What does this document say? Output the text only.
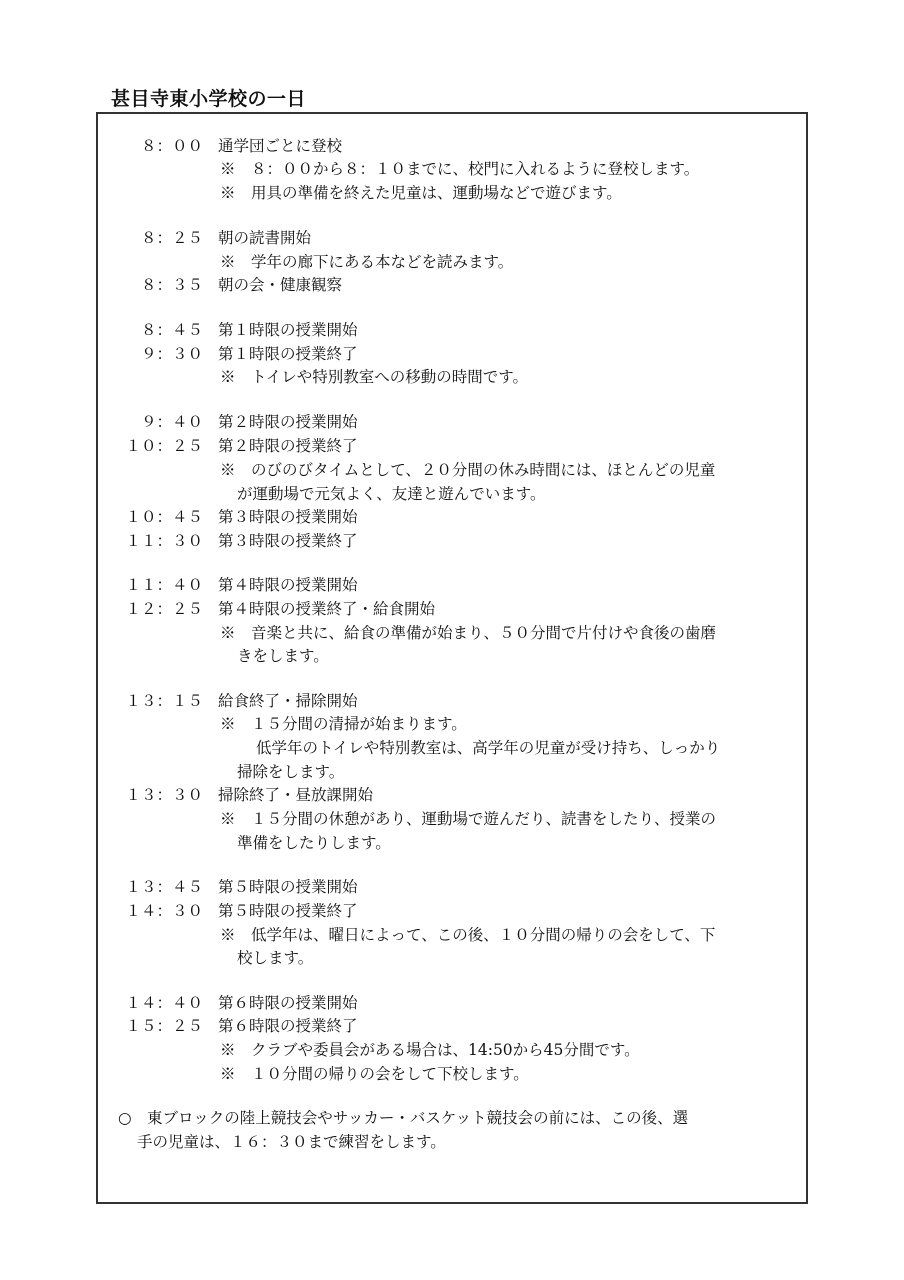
甚目寺東小学校の一日
８：００ 通学団ごとに登校
※　８：００から８：１０までに、校門に入れるように登校します。
※　用具の準備を終えた児童は、運動場などで遊びます。
８：２５ 朝の読書開始
※　学年の廊下にある本などを読みます。
８：３５ 朝の会・健康観察
８：４５ 第１時限の授業開始
９：３０ 第１時限の授業終了
※　トイレや特別教室への移動の時間です。
９：４０ 第２時限の授業開始
１０：２５ 第２時限の授業終了
※　のびのびタイムとして、２０分間の休み時間には、ほとんどの児童
が運動場で元気よく、友達と遊んでいます。
１０：４５ 第３時限の授業開始
１１：３０ 第３時限の授業終了
１１：４０ 第４時限の授業開始
１２：２５ 第４時限の授業終了・給食開始
※　音楽と共に、給食の準備が始まり、５０分間で片付けや食後の歯磨
きをします。
１３：１５ 給食終了・掃除開始
※　１５分間の清掃が始まります。
低学年のトイレや特別教室は、高学年の児童が受け持ち、しっかり
掃除をします。
１３：３０ 掃除終了・昼放課開始
※　１５分間の休憩があり、運動場で遊んだり、読書をしたり、授業の
準備をしたりします。
１３：４５ 第５時限の授業開始
１４：３０ 第５時限の授業終了
※　低学年は、曜日によって、この後、１０分間の帰りの会をして、下
校します。
１４：４０ 第６時限の授業開始
１５：２５ 第６時限の授業終了
※　クラブや委員会がある場合は、14:50から45分間です。
※　１０分間の帰りの会をして下校します。
○　東ブロックの陸上競技会やサッカー・バスケット競技会の前には、この後、選
手の児童は、１６：３０まで練習をします。
